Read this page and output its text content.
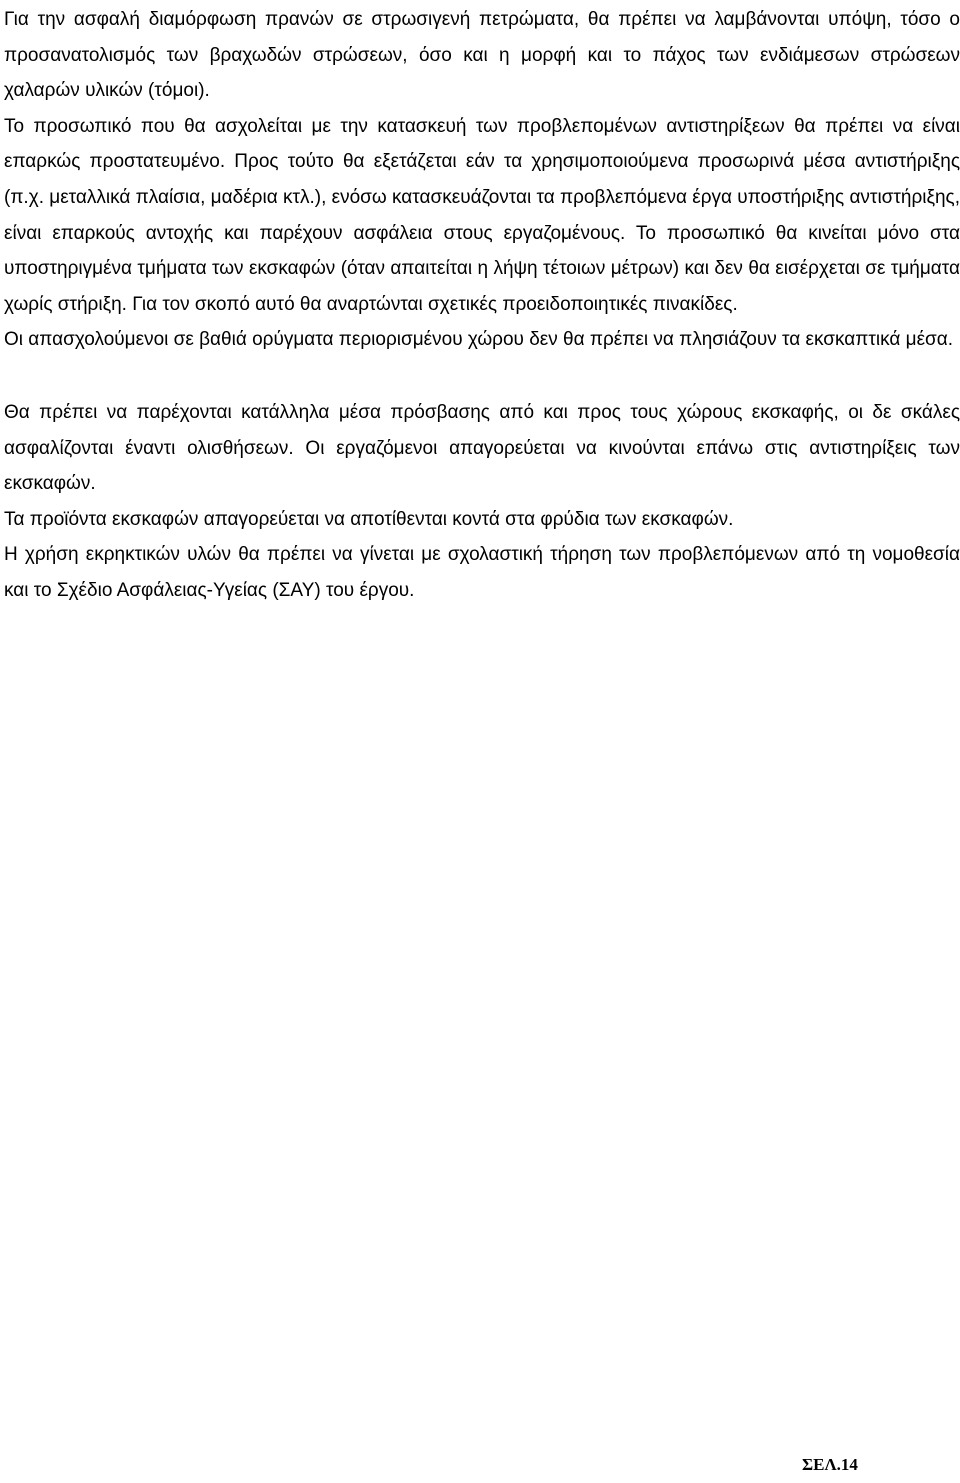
Για την ασφαλή διαμόρφωση πρανών σε στρωσιγενή πετρώματα, θα πρέπει να λαμβάνονται υπόψη, τόσο ο προσανατολισμός των βραχωδών στρώσεων, όσο και η μορφή και το πάχος των ενδιάμεσων στρώσεων χαλαρών υλικών (τόμοι).

Το προσωπικό που θα ασχολείται με την κατασκευή των προβλεπομένων αντιστηρίξεων θα πρέπει να είναι επαρκώς προστατευμένο. Προς τούτο θα εξετάζεται εάν τα χρησιμοποιούμενα προσωρινά μέσα αντιστήριξης (π.χ. μεταλλικά πλαίσια, μαδέρια κτλ.), ενόσω κατασκευάζονται τα προβλεπόμενα έργα υποστήριξης αντιστήριξης, είναι επαρκούς αντοχής και παρέχουν ασφάλεια στους εργαζομένους. Το προσωπικό θα κινείται μόνο στα υποστηριγμένα τμήματα των εκσκαφών (όταν απαιτείται η λήψη τέτοιων μέτρων) και δεν θα εισέρχεται σε τμήματα χωρίς στήριξη. Για τον σκοπό αυτό θα αναρτώνται σχετικές προειδοποιητικές πινακίδες.

Οι απασχολούμενοι σε βαθιά ορύγματα περιορισμένου χώρου δεν θα πρέπει να πλησιάζουν τα εκσκαπτικά μέσα.

Θα πρέπει να παρέχονται κατάλληλα μέσα πρόσβασης από και προς τους χώρους εκσκαφής, οι δε σκάλες ασφαλίζονται έναντι ολισθήσεων. Οι εργαζόμενοι απαγορεύεται να κινούνται επάνω στις αντιστηρίξεις των εκσκαφών.

Τα προϊόντα εκσκαφών απαγορεύεται να αποτίθενται κοντά στα φρύδια των εκσκαφών.

Η χρήση εκρηκτικών υλών θα πρέπει να γίνεται με σχολαστική τήρηση των προβλεπόμενων από τη νομοθεσία και το Σχέδιο Ασφάλειας-Υγείας (ΣΑΥ) του έργου.

ΣΕΛ.14
